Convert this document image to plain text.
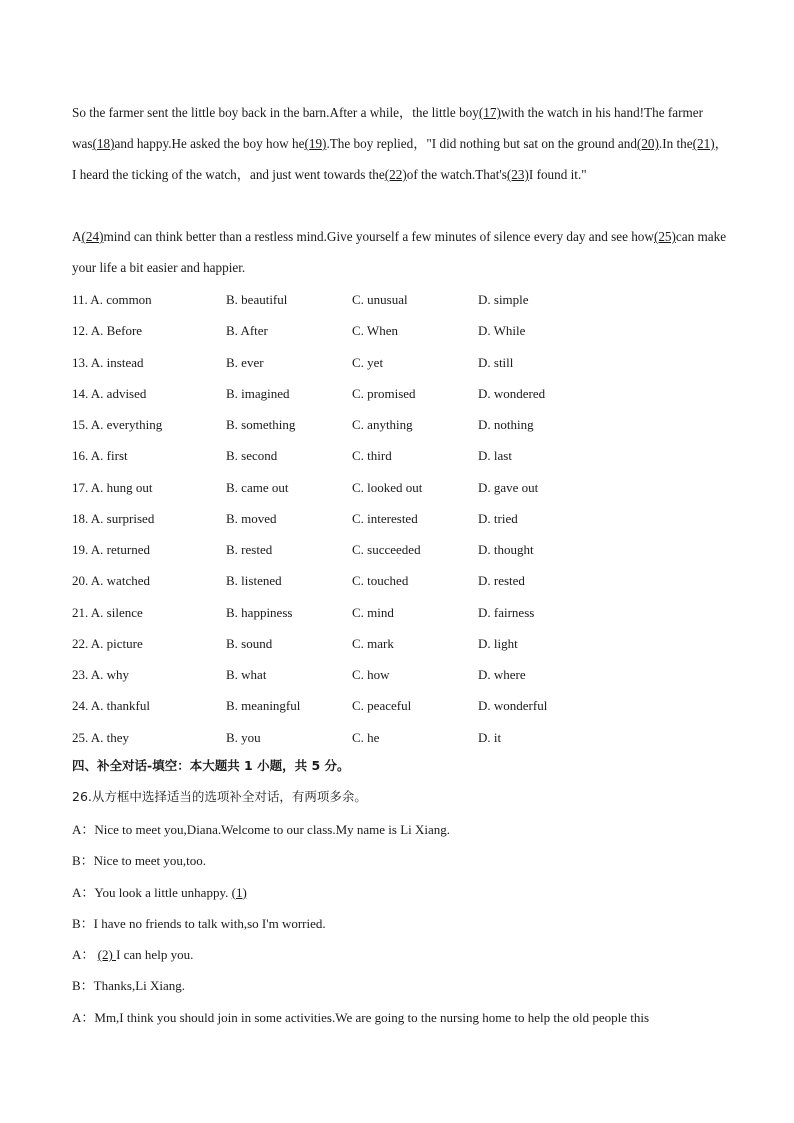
So the farmer sent the little boy back in the barn.After a while，the little boy(17)with the watch in his hand!The farmer was(18)and happy.He asked the boy how he(19).The boy replied，"I did nothing but sat on the ground and(20).In the(21)，I heard the ticking of the watch，and just went towards the(22)of the watch.That's(23)I found it."
A(24)mind can think better than a restless mind.Give yourself a few minutes of silence every day and see how(25)can make your life a bit easier and happier.
11. A. common	B. beautiful	C. unusual	D. simple
12. A. Before	B. After	C. When	D. While
13. A. instead	B. ever	C. yet	D. still
14. A. advised	B. imagined	C. promised	D. wondered
15. A. everything	B. something	C. anything	D. nothing
16. A. first	B. second	C. third	D. last
17. A. hung out	B. came out	C. looked out	D. gave out
18. A. surprised	B. moved	C. interested	D. tried
19. A. returned	B. rested	C. succeeded	D. thought
20. A. watched	B. listened	C. touched	D. rested
21. A. silence	B. happiness	C. mind	D. fairness
22. A. picture	B. sound	C. mark	D. light
23. A. why	B. what	C. how	D. where
24. A. thankful	B. meaningful	C. peaceful	D. wonderful
25. A. they	B. you	C. he	D. it
四、补全对话-填空：本大题共 1 小题，共 5 分。
26.从方框中选择适当的选项补全对话，有两项多余。
A：Nice to meet you,Diana.Welcome to our class.My name is Li Xiang.
B：Nice to meet you,too.
A：You look a little unhappy. (1)
B：I have no friends to talk with,so I'm worried.
A： (2) I can help you.
B：Thanks,Li Xiang.
A：Mm,I think you should join in some activities.We are going to the nursing home to help the old people this
